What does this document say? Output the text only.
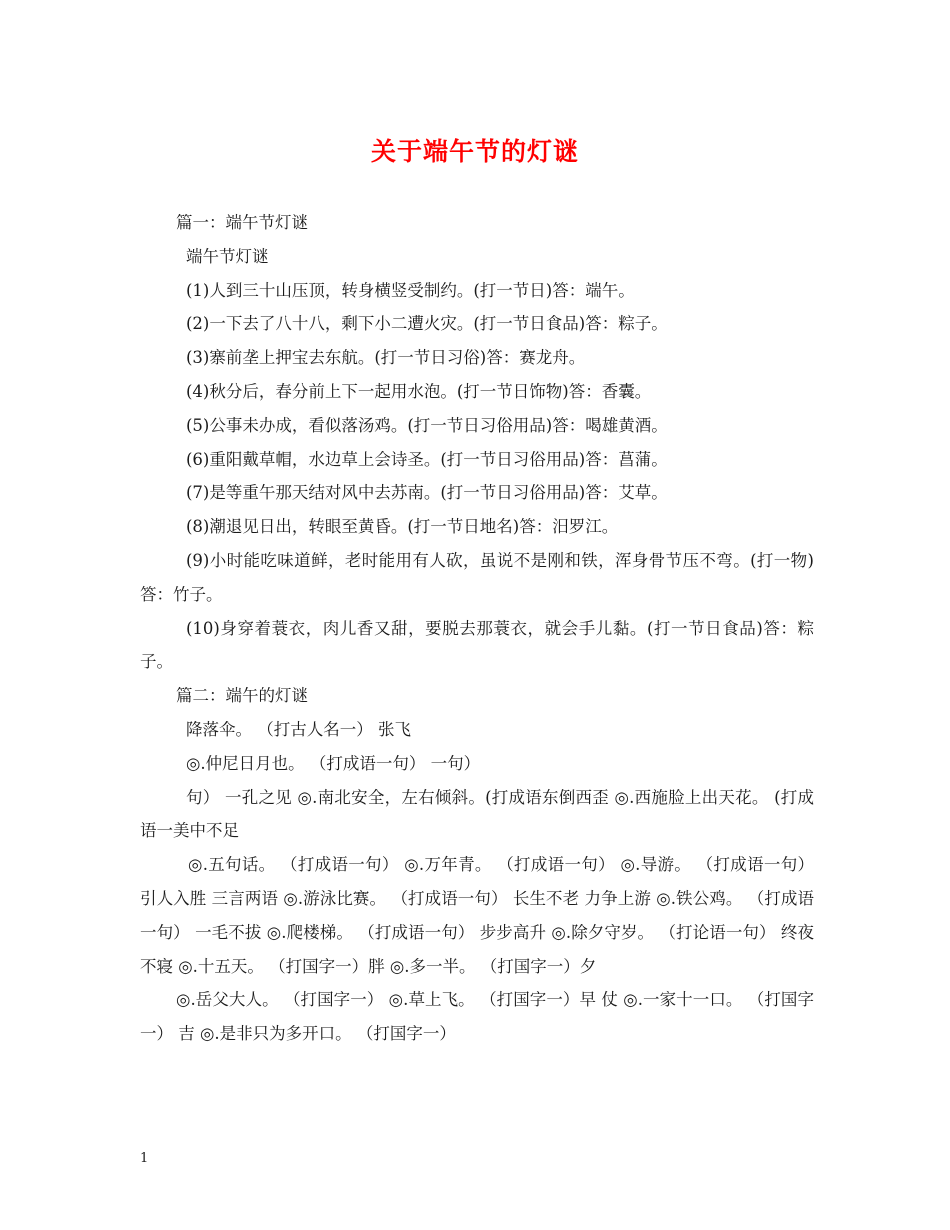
关于端午节的灯谜

篇一：端午节灯谜

端午节灯谜

(1)人到三十山压顶，转身横竖受制约。(打一节日)答：端午。

(2)一下去了八十八，剩下小二遭火灾。(打一节日食品)答：粽子。

(3)寨前垄上押宝去东航。(打一节日习俗)答：赛龙舟。

(4)秋分后，春分前上下一起用水泡。(打一节日饰物)答：香囊。

(5)公事未办成，看似落汤鸡。(打一节日习俗用品)答：喝雄黄酒。

(6)重阳戴草帽，水边草上会诗圣。(打一节日习俗用品)答：菖蒲。

(7)是等重午那天结对风中去苏南。(打一节日习俗用品)答：艾草。

(8)潮退见日出，转眼至黄昏。(打一节日地名)答：汨罗江。

(9)小时能吃味道鲜，老时能用有人砍，虽说不是刚和铁，浑身骨节压不弯。(打一物)答：竹子。

(10)身穿着蓑衣，肉儿香又甜，要脱去那蓑衣，就会手儿黏。(打一节日食品)答：粽子。

篇二：端午的灯谜

降落伞。 （打古人名一） 张飞

◎.仲尼日月也。 （打成语一句） 一句）

句） 一孔之见 ◎.南北安全，左右倾斜。(打成语东倒西歪 ◎.西施脸上出天花。 (打成语一美中不足

◎.五句话。 （打成语一句） ◎.万年青。 （打成语一句） ◎.导游。 （打成语一句） 引人入胜 三言两语 ◎.游泳比赛。 （打成语一句） 长生不老 力争上游 ◎.铁公鸡。 （打成语一句） 一毛不拔 ◎.爬楼梯。 （打成语一句） 步步高升 ◎.除夕守岁。 （打论语一句） 终夜不寝 ◎.十五天。 （打国字一）胖 ◎.多一半。 （打国字一）夕

◎.岳父大人。 （打国字一） ◎.草上飞。 （打国字一）早 仗 ◎.一家十一口。 （打国字一） 吉 ◎.是非只为多开口。 （打国字一）

1
